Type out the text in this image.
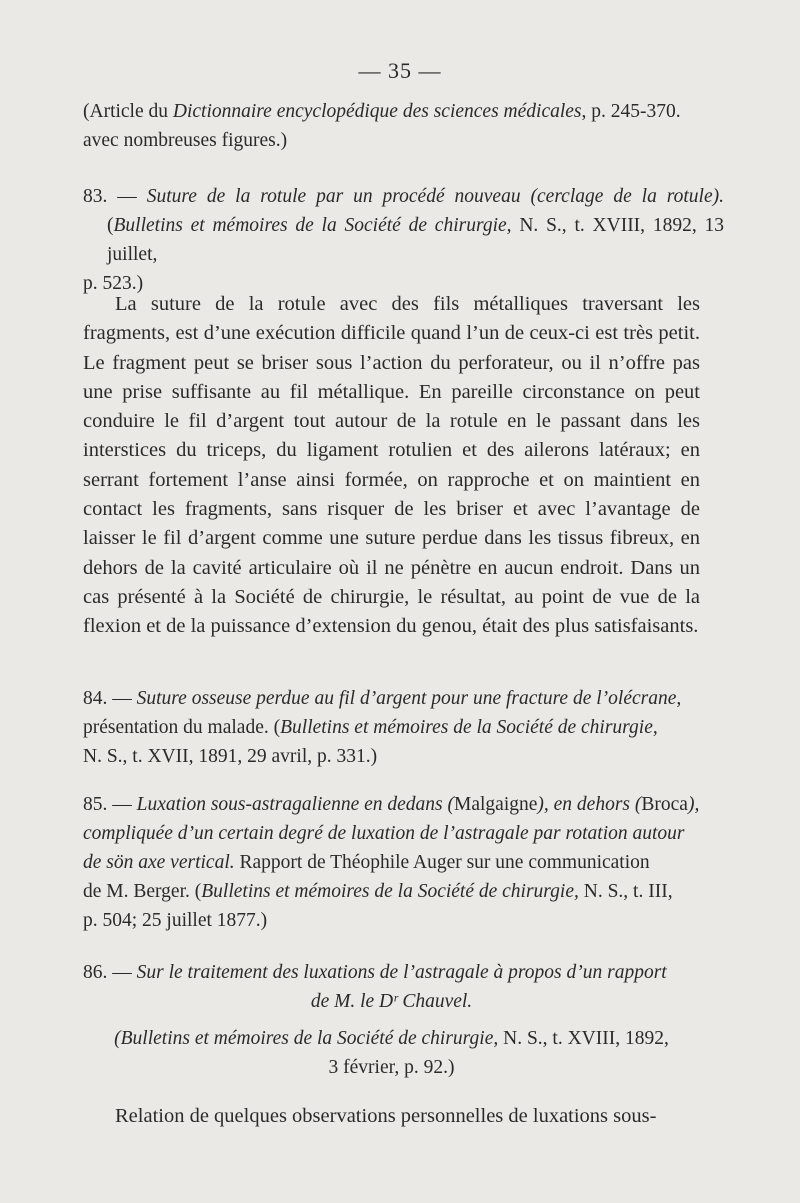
— 35 —
(Article du Dictionnaire encyclopédique des sciences médicales, p. 245-370.
avec nombreuses figures.)
83. — Suture de la rotule par un procédé nouveau (cerclage de la rotule). (Bulletins et mémoires de la Société de chirurgie, N. S., t. XVIII, 1892, 13 juillet,
p. 523.)
La suture de la rotule avec des fils métalliques traversant les fragments, est d’une exécution difficile quand l’un de ceux-ci est très petit. Le fragment peut se briser sous l’action du perforateur, ou il n’offre pas une prise suffisante au fil métallique. En pareille circonstance on peut conduire le fil d’argent tout autour de la rotule en le passant dans les interstices du triceps, du ligament rotulien et des ailerons latéraux; en serrant fortement l’anse ainsi formée, on rapproche et on maintient en contact les fragments, sans risquer de les briser et avec l’avantage de laisser le fil d’argent comme une suture perdue dans les tissus fibreux, en dehors de la cavité articulaire où il ne pénètre en aucun endroit. Dans un cas présenté à la Société de chirurgie, le résultat, au point de vue de la flexion et de la puissance d’extension du genou, était des plus satisfaisants.
84. — Suture osseuse perdue au fil d’argent pour une fracture de l’olécrane,
présentation du malade. (Bulletins et mémoires de la Société de chirurgie,
N. S., t. XVII, 1891, 29 avril, p. 331.)
85. — Luxation sous-astragalienne en dedans (Malgaigne), en dehors (Broca),
compliquée d’un certain degré de luxation de l’astragale par rotation autour
de sön axe vertical. Rapport de Théophile Auger sur une communication
de M. Berger. (Bulletins et mémoires de la Société de chirurgie, N. S., t. III,
p. 504; 25 juillet 1877.)
86. — Sur le traitement des luxations de l’astragale à propos d’un rapport
de M. le Dʳ Chauvel.
(Bulletins et mémoires de la Société de chirurgie, N. S., t. XVIII, 1892,
3 février, p. 92.)
Relation de quelques observations personnelles de luxations sous-
